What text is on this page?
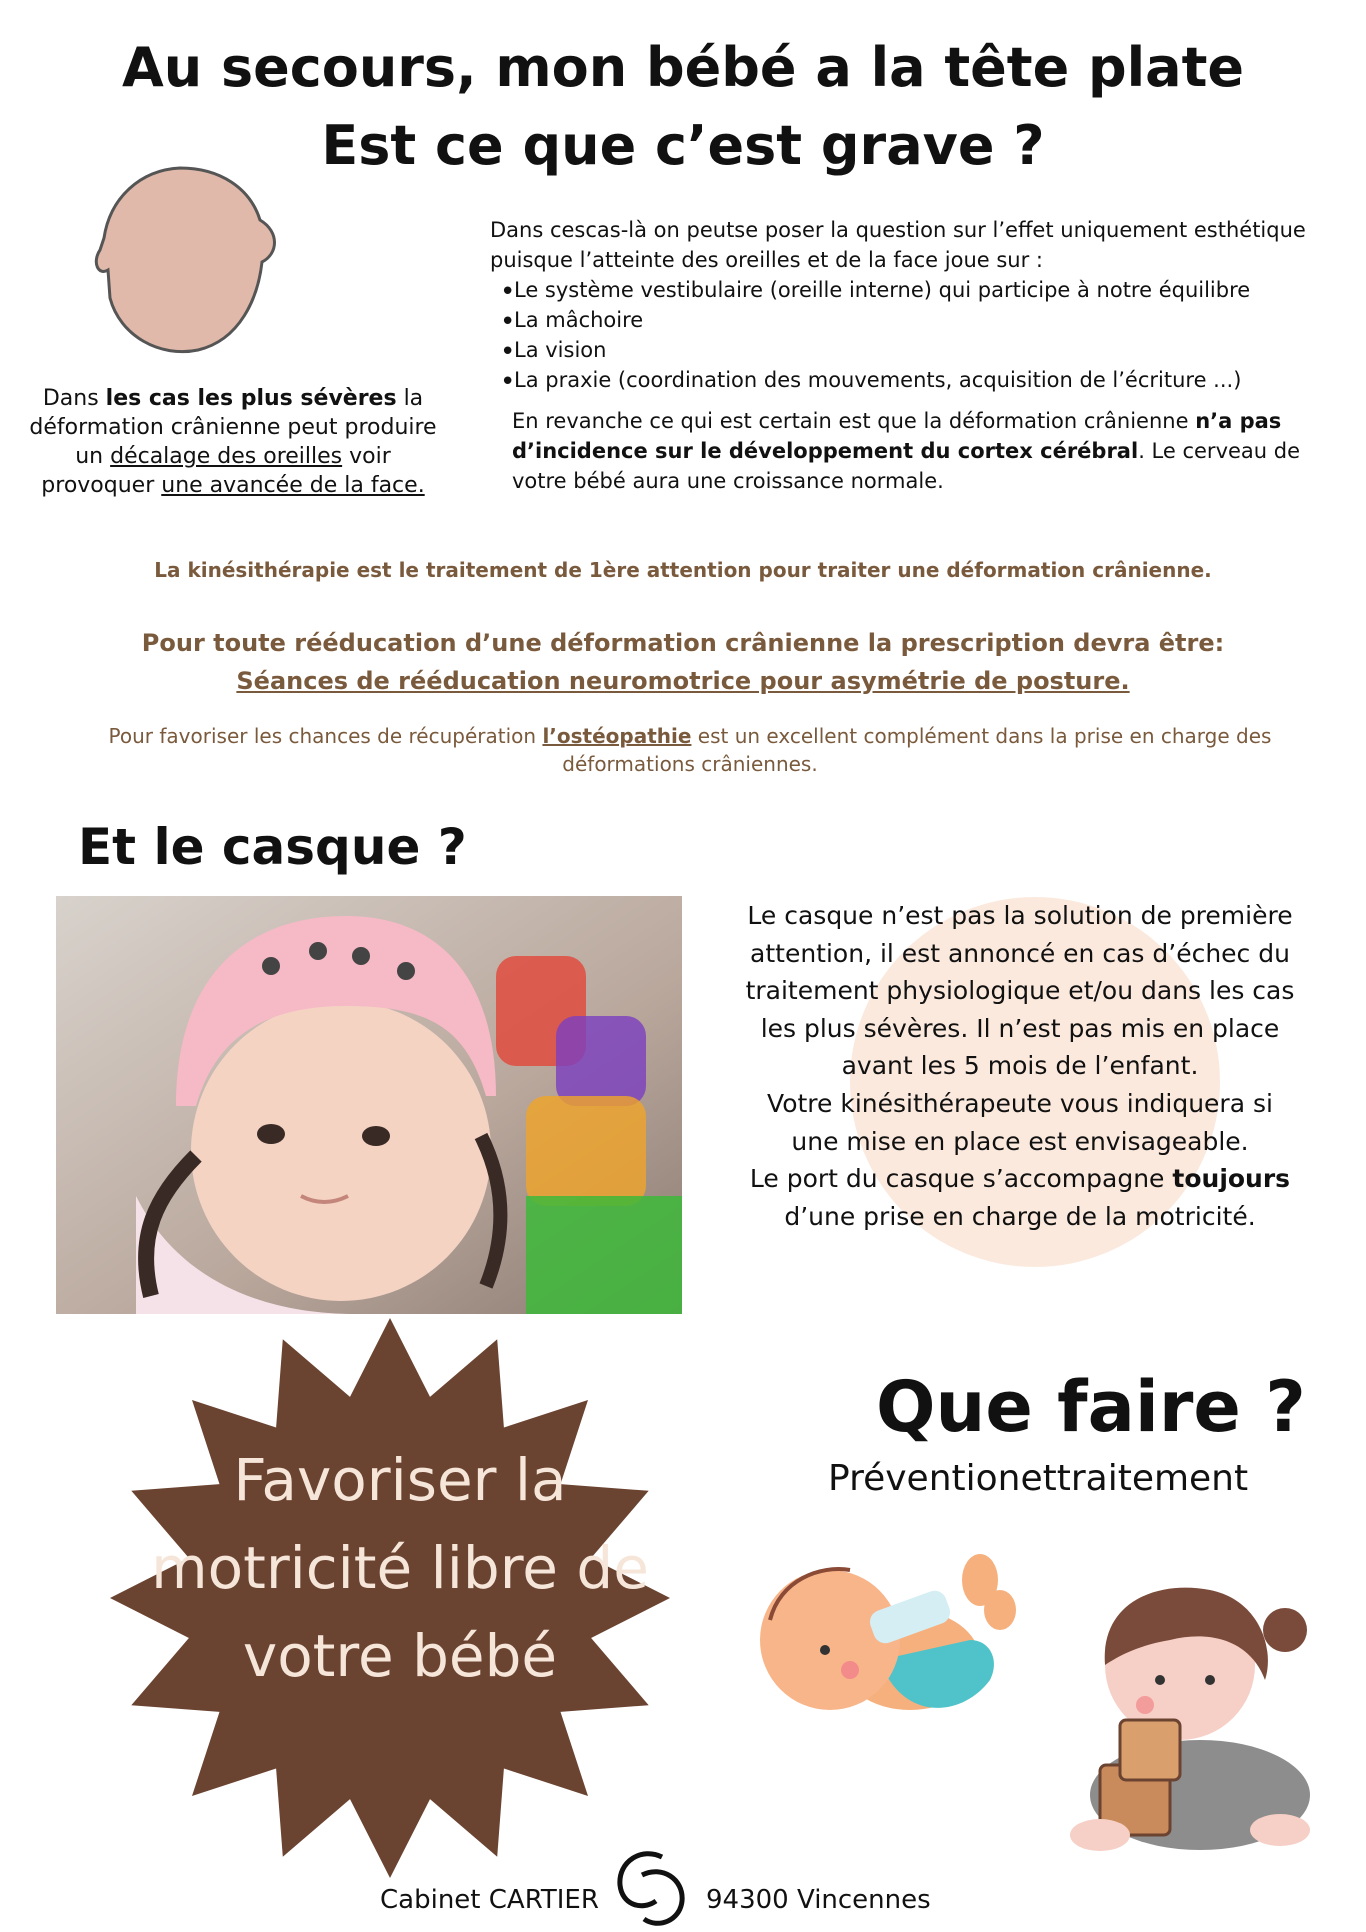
Au secours, mon bébé a la tête plate
Est ce que c’est grave ?
Dans les cas les plus sévères la déformation crânienne peut produire un décalage des oreilles voir provoquer une avancée de la face.
Dans cescas-là on peutse poser la question sur l’effet uniquement esthétique puisque l’atteinte des oreilles et de la face joue sur :
• Le système vestibulaire (oreille interne) qui participe à notre équilibre
• La mâchoire
• La vision
• La praxie (coordination des mouvements, acquisition de l’écriture ...)
En revanche ce qui est certain est que la déformation crânienne n’a pas d’incidence sur le développement du cortex cérébral. Le cerveau de votre bébé aura une croissance normale.
La kinésithérapie est le traitement de 1ère attention pour traiter une déformation crânienne.
Pour toute rééducation d’une déformation crânienne la prescription devra être:
Séances de rééducation neuromotrice pour asymétrie de posture.
Pour favoriser les chances de récupération l’ostéopathie est un excellent complément dans la prise en charge des déformations crâniennes.
Et le casque ?
Le casque n’est pas la solution de première attention, il est annoncé en cas d’échec du traitement physiologique et/ou dans les cas les plus sévères. Il n’est pas mis en place avant les 5 mois de l’enfant.
Votre kinésithérapeute vous indiquera si une mise en place est envisageable.
Le port du casque s’accompagne toujours d’une prise en charge de la motricité.
Favoriser la
motricité libre de
votre bébé
Que faire ?
Préventionettraitement
Cabinet CARTIER
CC
94300 Vincennes
